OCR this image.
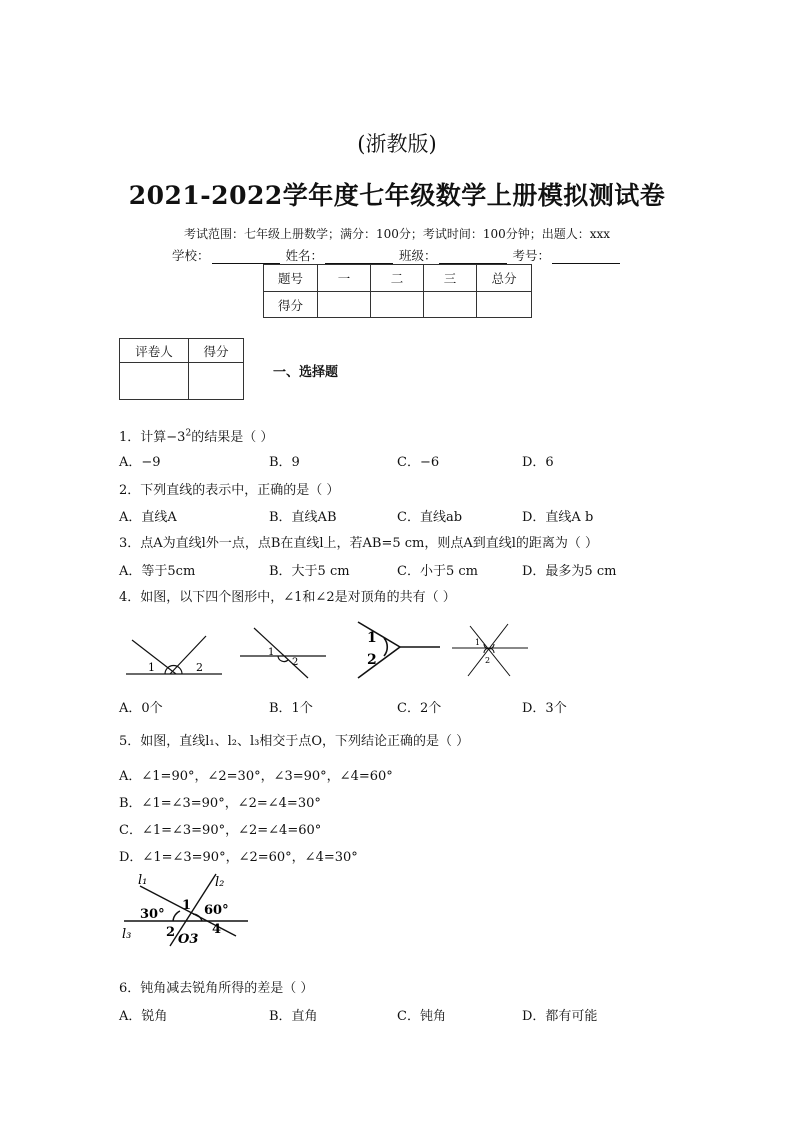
(浙教版)
2021-2022学年度七年级数学上册模拟测试卷
考试范围：七年级上册数学；满分：100分；考试时间：100分钟；出题人：xxx
学校：	姓名：	班级：	考号：
题号	一	二	三	总分
得分				
评卷人	得分

一、选择题
1．计算$-3^2$的结果是（ ）
A．−9	B．9	C．−6	D．6
2．下列直线的表示中，正确的是（ ）
A．直线A	B．直线AB	C．直线ab	D．直线A b
3．点A为直线l外一点，点B在直线l上，若AB=5 cm，则点A到直线l的距离为（ ）
A．等于5cm	B．大于5 cm	C．小于5 cm	D．最多为5 cm
4．如图，以下四个图形中，∠1和∠2是对顶角的共有（ ）
1	2
1
2
1
2
1
2
A．0个	B．1个	C．2个	D．3个
5．如图，直线l₁、l₂、l₃相交于点O，下列结论正确的是（ ）
A．∠1=90°，∠2=30°，∠3=90°，∠4=60°
B．∠1=∠3=90°，∠2=∠4=30°
C．∠1=∠3=90°，∠2=∠4=60°
D．∠1=∠3=90°，∠2=60°，∠4=30°
l₁	l₂
l₃
30°	60°
1
2	4
O3
6．钝角减去锐角所得的差是（ ）
A．锐角	B．直角	C．钝角	D．都有可能
